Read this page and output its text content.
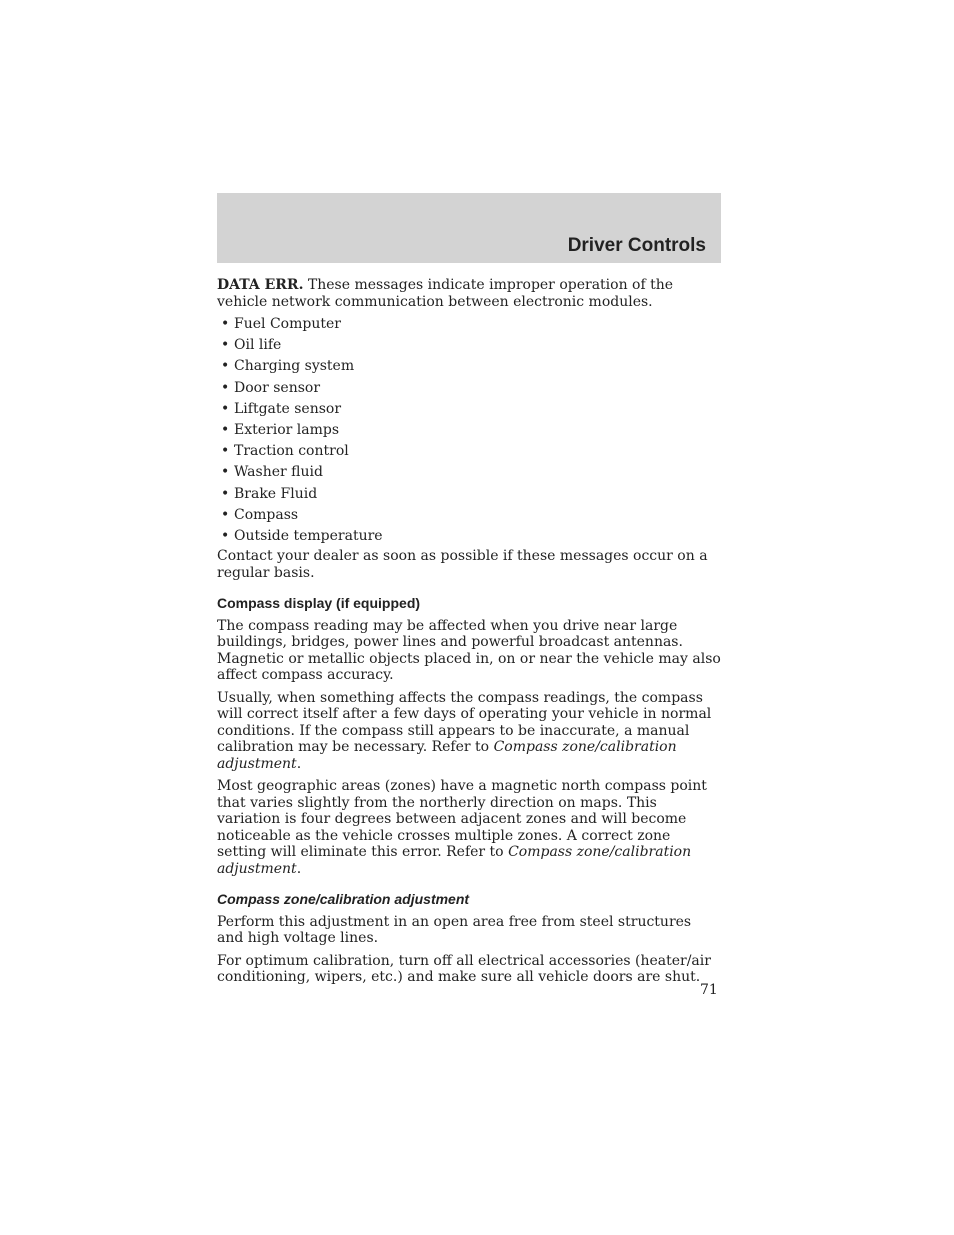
Driver Controls

DATA ERR. These messages indicate improper operation of the vehicle network communication between electronic modules.

• Fuel Computer
• Oil life
• Charging system
• Door sensor
• Liftgate sensor
• Exterior lamps
• Traction control
• Washer fluid
• Brake Fluid
• Compass
• Outside temperature

Contact your dealer as soon as possible if these messages occur on a regular basis.

Compass display (if equipped)

The compass reading may be affected when you drive near large buildings, bridges, power lines and powerful broadcast antennas. Magnetic or metallic objects placed in, on or near the vehicle may also affect compass accuracy.

Usually, when something affects the compass readings, the compass will correct itself after a few days of operating your vehicle in normal conditions. If the compass still appears to be inaccurate, a manual calibration may be necessary. Refer to Compass zone/calibration adjustment.

Most geographic areas (zones) have a magnetic north compass point that varies slightly from the northerly direction on maps. This variation is four degrees between adjacent zones and will become noticeable as the vehicle crosses multiple zones. A correct zone setting will eliminate this error. Refer to Compass zone/calibration adjustment.

Compass zone/calibration adjustment

Perform this adjustment in an open area free from steel structures and high voltage lines.

For optimum calibration, turn off all electrical accessories (heater/air conditioning, wipers, etc.) and make sure all vehicle doors are shut.

71
